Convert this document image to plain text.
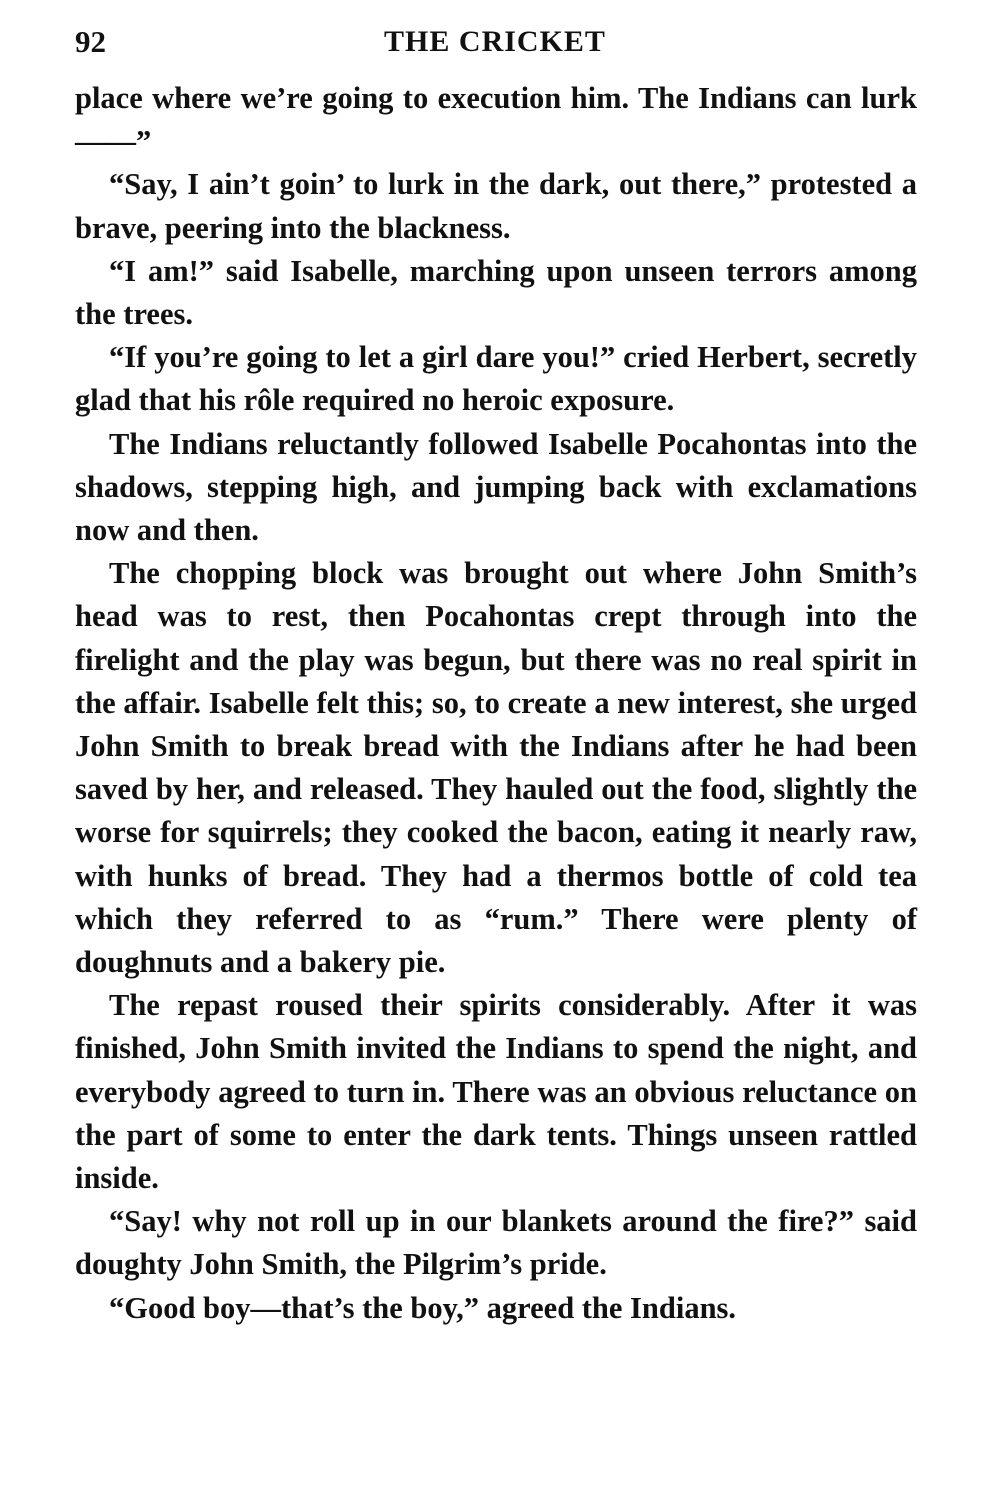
92	THE CRICKET

place where we’re going to execution him. The Indians can lurk——”

“Say, I ain’t goin’ to lurk in the dark, out there,” protested a brave, peering into the blackness.

“I am!” said Isabelle, marching upon unseen terrors among the trees.

“If you’re going to let a girl dare you!” cried Herbert, secretly glad that his rôle required no heroic exposure.

The Indians reluctantly followed Isabelle Pocahontas into the shadows, stepping high, and jumping back with exclamations now and then.

The chopping block was brought out where John Smith’s head was to rest, then Pocahontas crept through into the firelight and the play was begun, but there was no real spirit in the affair. Isabelle felt this; so, to create a new interest, she urged John Smith to break bread with the Indians after he had been saved by her, and released. They hauled out the food, slightly the worse for squirrels; they cooked the bacon, eating it nearly raw, with hunks of bread. They had a thermos bottle of cold tea which they referred to as “rum.” There were plenty of doughnuts and a bakery pie.

The repast roused their spirits considerably. After it was finished, John Smith invited the Indians to spend the night, and everybody agreed to turn in. There was an obvious reluctance on the part of some to enter the dark tents. Things unseen rattled inside.

“Say! why not roll up in our blankets around the fire?” said doughty John Smith, the Pilgrim’s pride.

“Good boy—that’s the boy,” agreed the Indians.
